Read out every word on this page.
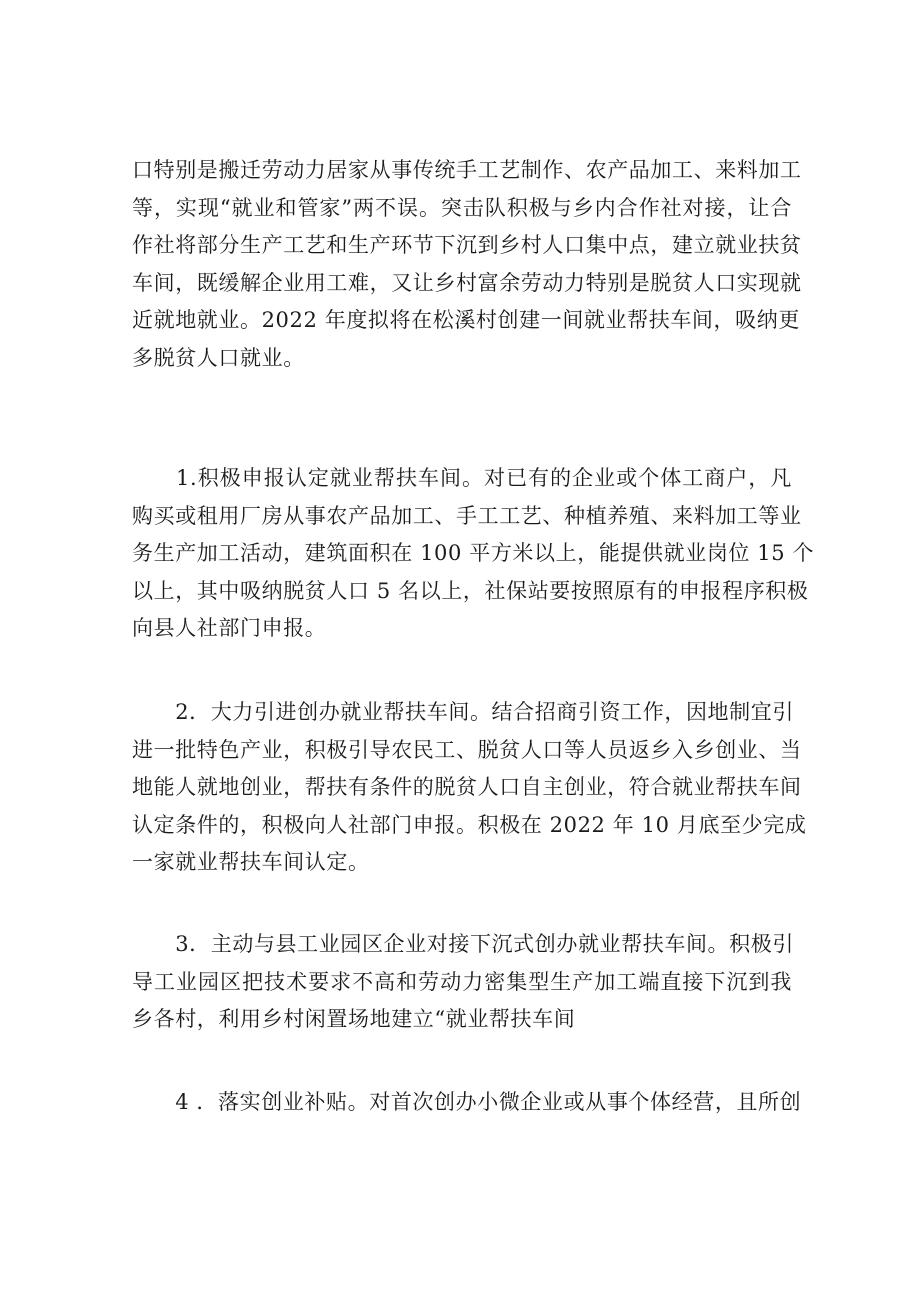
口特别是搬迁劳动力居家从事传统手工艺制作、农产品加工、来料加工
等，实现“就业和管家”两不误。突击队积极与乡内合作社对接，让合
作社将部分生产工艺和生产环节下沉到乡村人口集中点，建立就业扶贫
车间，既缓解企业用工难，又让乡村富余劳动力特别是脱贫人口实现就
近就地就业。2022 年度拟将在松溪村创建一间就业帮扶车间，吸纳更
多脱贫人口就业。
　　1.积极申报认定就业帮扶车间。对已有的企业或个体工商户，凡
购买或租用厂房从事农产品加工、手工工艺、种植养殖、来料加工等业
务生产加工活动，建筑面积在 100 平方米以上，能提供就业岗位 15 个
以上，其中吸纳脱贫人口 5 名以上，社保站要按照原有的申报程序积极
向县人社部门申报。
　　2．大力引进创办就业帮扶车间。结合招商引资工作，因地制宜引
进一批特色产业，积极引导农民工、脱贫人口等人员返乡入乡创业、当
地能人就地创业，帮扶有条件的脱贫人口自主创业，符合就业帮扶车间
认定条件的，积极向人社部门申报。积极在 2022 年 10 月底至少完成
一家就业帮扶车间认定。
　　3．主动与县工业园区企业对接下沉式创办就业帮扶车间。积极引
导工业园区把技术要求不高和劳动力密集型生产加工端直接下沉到我
乡各村，利用乡村闲置场地建立“就业帮扶车间
　　4 ．落实创业补贴。对首次创办小微企业或从事个体经营，且所创
